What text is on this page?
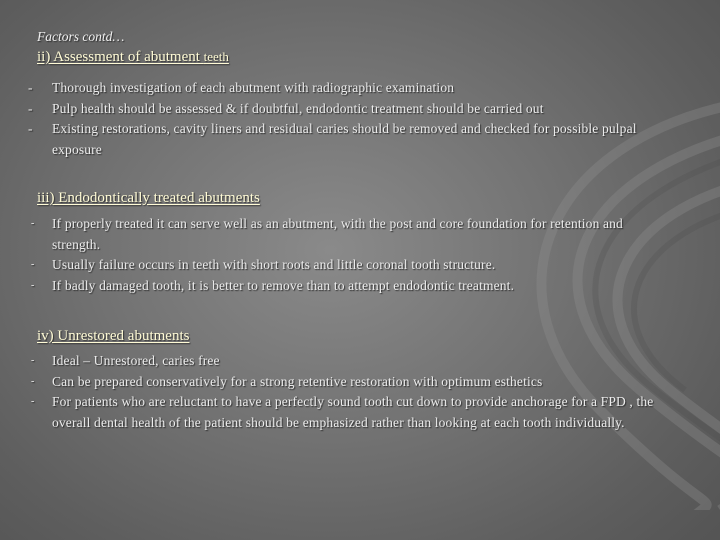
Factors contd…
ii) Assessment of abutment teeth
- Thorough investigation of each abutment with radiographic examination
- Pulp health should be assessed & if doubtful, endodontic treatment should be carried out
- Existing restorations, cavity liners and residual caries should be removed and checked for possible pulpal exposure
iii) Endodontically treated abutments
- If properly treated it can serve well as an abutment, with the post and core foundation for retention and strength.
- Usually failure occurs in teeth with short roots and little coronal tooth structure.
- If badly damaged tooth, it is better to remove than to attempt endodontic treatment.
iv) Unrestored abutments
- Ideal – Unrestored, caries free
- Can be prepared conservatively for a strong retentive restoration with optimum esthetics
- For patients who are reluctant to have a perfectly sound tooth cut down to provide anchorage for a FPD , the overall dental health of the patient should be emphasized rather than looking at each tooth individually.
